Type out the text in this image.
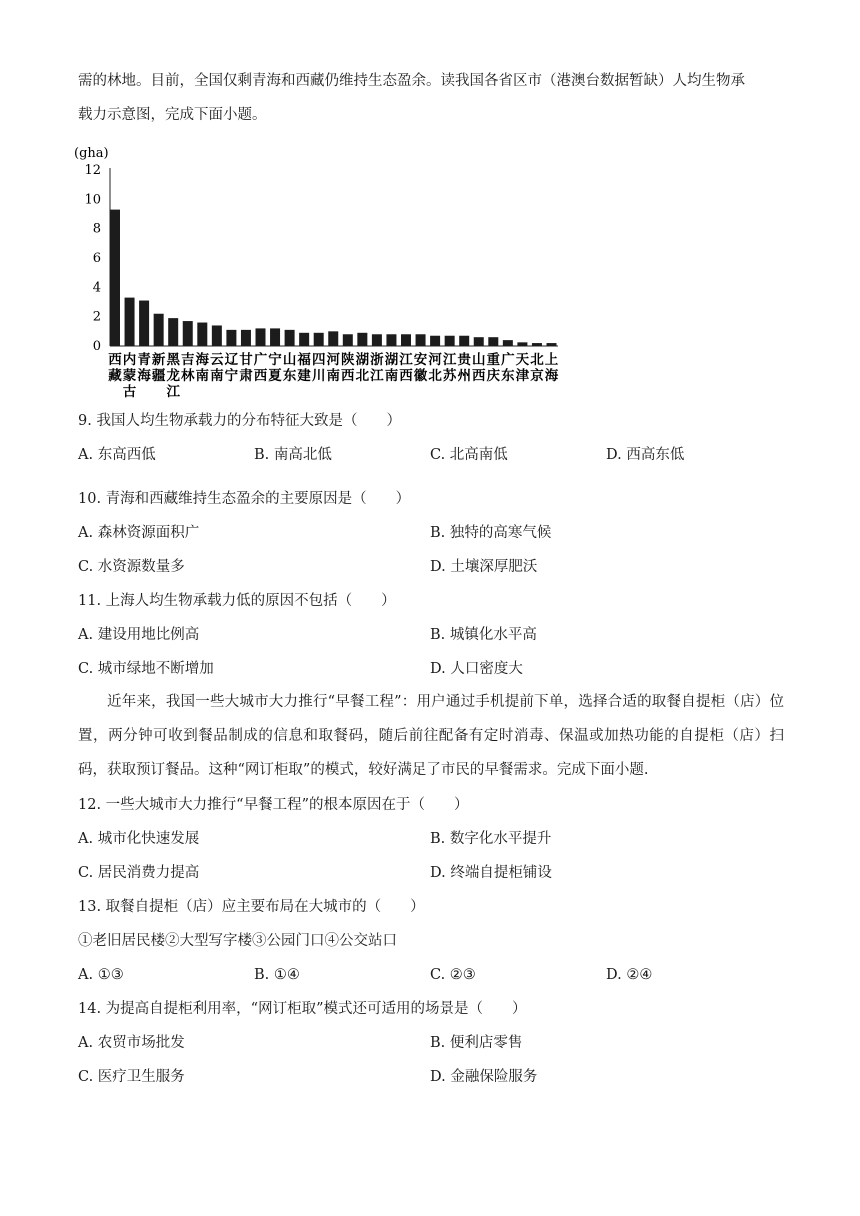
需的林地。目前，全国仅剩青海和西藏仍维持生态盈余。读我国各省区市（港澳台数据暂缺）人均生物承
载力示意图，完成下面小题。
(gha)
0
2
4
6
8
10
12
西
藏
内
蒙
古
青
海
新
疆
黑
龙
江
吉
林
海
南
云
南
辽
宁
甘
肃
广
西
宁
夏
山
东
福
建
四
川
河
南
陕
西
湖
北
浙
江
湖
南
江
西
安
徽
河
北
江
苏
贵
州
山
西
重
庆
广
东
天
津
北
京
上
海
9. 我国人均生物承载力的分布特征大致是（　　）
A. 东高西低	B. 南高北低	C. 北高南低	D. 西高东低
10. 青海和西藏维持生态盈余的主要原因是（　　）
A. 森林资源面积广	B. 独特的高寒气候
C. 水资源数量多	D. 土壤深厚肥沃
11. 上海人均生物承载力低的原因不包括（　　）
A. 建设用地比例高	B. 城镇化水平高
C. 城市绿地不断增加	D. 人口密度大
近年来，我国一些大城市大力推行“早餐工程”：用户通过手机提前下单，选择合适的取餐自提柜（店）位置，两分钟可收到餐品制成的信息和取餐码，随后前往配备有定时消毒、保温或加热功能的自提柜（店）扫码，获取预订餐品。这种“网订柜取”的模式，较好满足了市民的早餐需求。完成下面小题.
12. 一些大城市大力推行“早餐工程”的根本原因在于（　　）
A. 城市化快速发展	B. 数字化水平提升
C. 居民消费力提高	D. 终端自提柜铺设
13. 取餐自提柜（店）应主要布局在大城市的（　　）
①老旧居民楼②大型写字楼③公园门口④公交站口
A. ①③	B. ①④	C. ②③	D. ②④
14. 为提高自提柜利用率，“网订柜取”模式还可适用的场景是（　　）
A. 农贸市场批发	B. 便利店零售
C. 医疗卫生服务	D. 金融保险服务
